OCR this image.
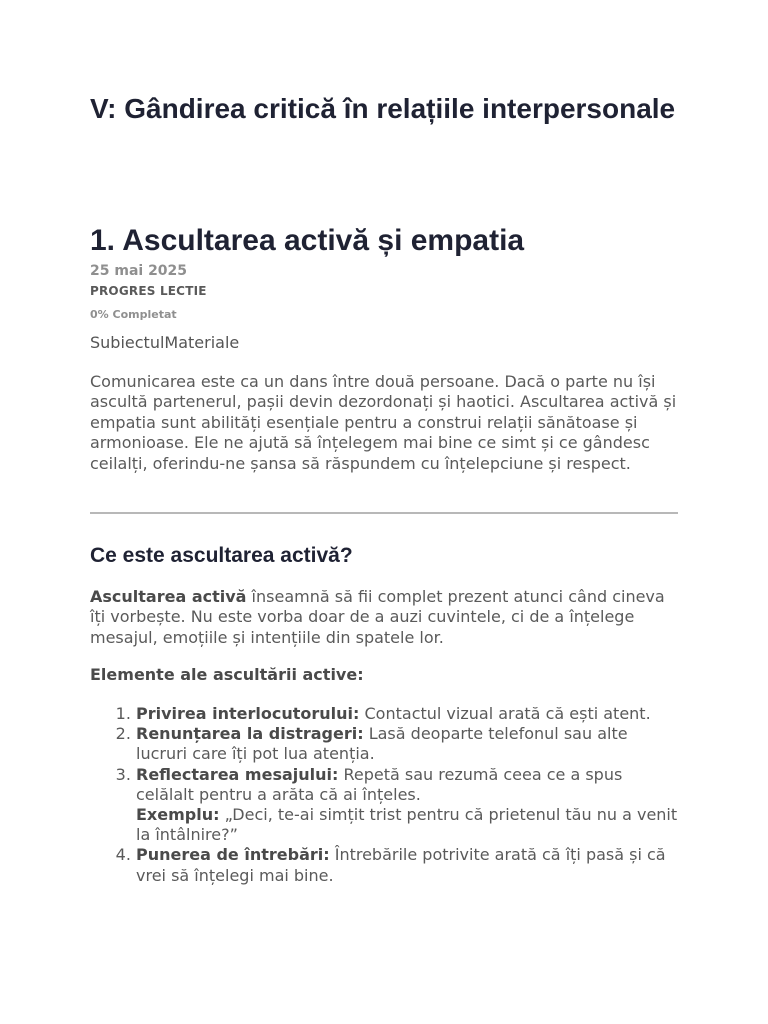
V: Gândirea critică în relațiile interpersonale
1. Ascultarea activă și empatia
25 mai 2025
PROGRES LECTIE
0% Completat
SubiectulMateriale

Comunicarea este ca un dans între două persoane. Dacă o parte nu își ascultă partenerul, pașii devin dezordonați și haotici. Ascultarea activă și empatia sunt abilități esențiale pentru a construi relații sănătoase și armonioase. Ele ne ajută să înțelegem mai bine ce simt și ce gândesc ceilalți, oferindu-ne șansa să răspundem cu înțelepciune și respect.

Ce este ascultarea activă?

Ascultarea activă înseamnă să fii complet prezent atunci când cineva îți vorbește. Nu este vorba doar de a auzi cuvintele, ci de a înțelege mesajul, emoțiile și intențiile din spatele lor.

Elemente ale ascultării active:

1. Privirea interlocutorului: Contactul vizual arată că ești atent.
2. Renunțarea la distrageri: Lasă deoparte telefonul sau alte lucruri care îți pot lua atenția.
3. Reflectarea mesajului: Repetă sau rezumă ceea ce a spus celălalt pentru a arăta că ai înțeles.
Exemplu: „Deci, te-ai simțit trist pentru că prietenul tău nu a venit la întâlnire?”
4. Punerea de întrebări: Întrebările potrivite arată că îți pasă și că vrei să înțelegi mai bine.
